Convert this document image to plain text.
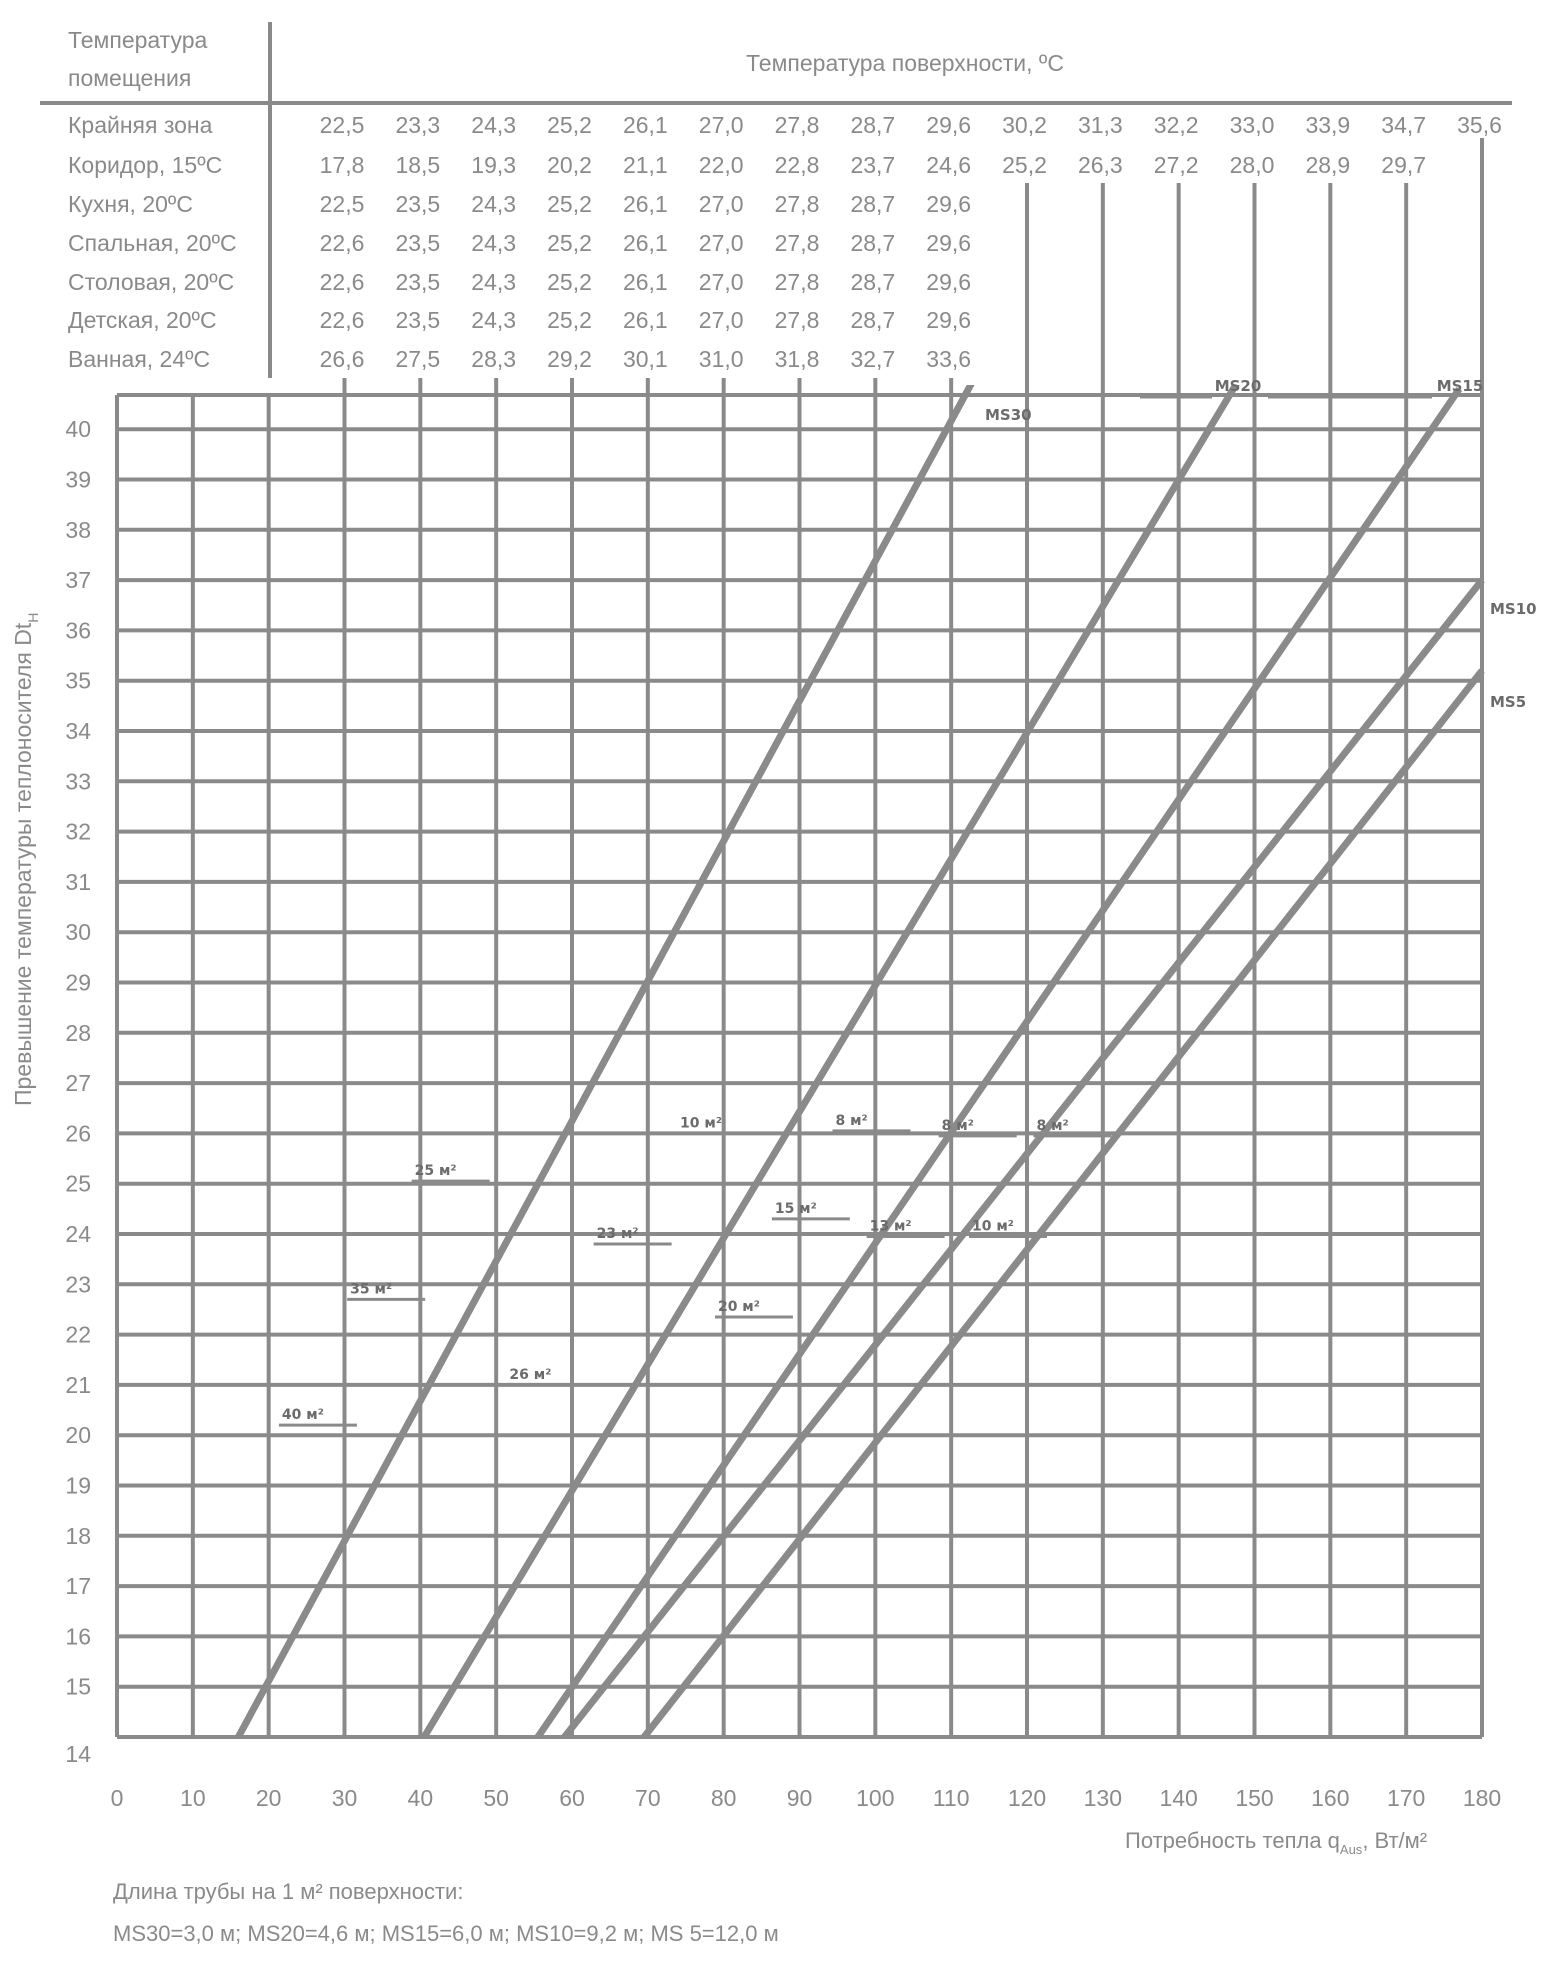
Температура
помещения
Температура поверхности, ºC
Крайняя зона	22,5 23,3 24,3 25,2 26,1 27,0 27,8 28,7 29,6 30,2 31,3 32,2 33,0 33,9 34,7 35,6
Коридор, 15ºC	17,8 18,5 19,3 20,2 21,1 22,0 22,8 23,7 24,6 25,2 26,3 27,2 28,0 28,9 29,7
Кухня, 20ºC	22,5 23,5 24,3 25,2 26,1 27,0 27,8 28,7 29,6
Спальная, 20ºC	22,6 23,5 24,3 25,2 26,1 27,0 27,8 28,7 29,6
Столовая, 20ºC	22,6 23,5 24,3 25,2 26,1 27,0 27,8 28,7 29,6
Детская, 20ºC	22,6 23,5 24,3 25,2 26,1 27,0 27,8 28,7 29,6
Ванная, 24ºC	26,6 27,5 28,3 29,2 30,1 31,0 31,8 32,7 33,6
MS30
MS20	MS15
MS10
MS5
40 м²
35 м²
25 м²
26 м²
23 м²
10 м²
20 м²
15 м²
8 м²
13 м²
8 м²
10 м²
8 м²
Превышение температуры теплоносителя $Dt_H$
Потребность тепла $q_{Aus}$, Вт/м²
Длина трубы на 1 м² поверхности:
MS30=3,0 м; MS20=4,6 м; MS15=6,0 м; MS10=9,2 м; MS 5=12,0 м
0 10 20 30 40 50 60 70 80 90 100 110 120 130 140 150 160 170 180
14
15
16
17
18
19
20
21
22
23
24
25
26
27
28
29
30
31
32
33
34
35
36
37
38
39
40
